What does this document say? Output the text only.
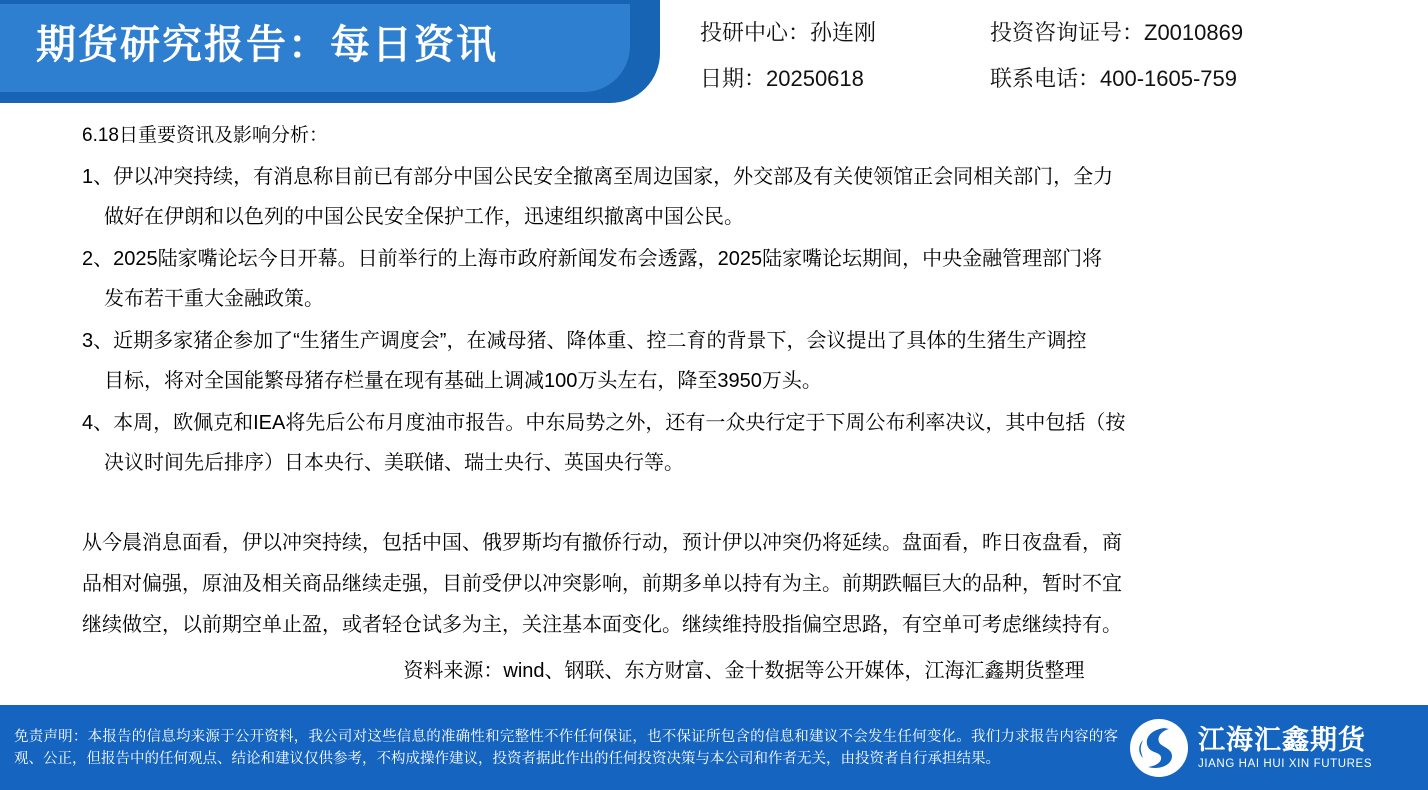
期货研究报告：每日资讯	投研中心：孙连刚	投资咨询证号：Z0010869
日期：20250618	联系电话：400-1605-759

6.18日重要资讯及影响分析：

1、伊以冲突持续，有消息称目前已有部分中国公民安全撤离至周边国家，外交部及有关使领馆正会同相关部门，全力
做好在伊朗和以色列的中国公民安全保护工作，迅速组织撤离中国公民。
2、2025陆家嘴论坛今日开幕。日前举行的上海市政府新闻发布会透露，2025陆家嘴论坛期间，中央金融管理部门将
发布若干重大金融政策。
3、近期多家猪企参加了“生猪生产调度会”，在减母猪、降体重、控二育的背景下，会议提出了具体的生猪生产调控
目标，将对全国能繁母猪存栏量在现有基础上调减100万头左右，降至3950万头。
4、本周，欧佩克和IEA将先后公布月度油市报告。中东局势之外，还有一众央行定于下周公布利率决议，其中包括（按
决议时间先后排序）日本央行、美联储、瑞士央行、英国央行等。

从今晨消息面看，伊以冲突持续，包括中国、俄罗斯均有撤侨行动，预计伊以冲突仍将延续。盘面看，昨日夜盘看，商

品相对偏强，原油及相关商品继续走强，目前受伊以冲突影响，前期多单以持有为主。前期跌幅巨大的品种，暂时不宜

继续做空，以前期空单止盈，或者轻仓试多为主，关注基本面变化。继续维持股指偏空思路，有空单可考虑继续持有。

资料来源：wind、钢联、东方财富、金十数据等公开媒体，江海汇鑫期货整理
免责声明：本报告的信息均来源于公开资料，我公司对这些信息的准确性和完整性不作任何保证，也不保证所包含的信息和建议不会发生任何变化。我们力求报告内容的客观、公正，但报告中的任何观点、结论和建议仅供参考，不构成操作建议，投资者据此作出的任何投资决策与本公司和作者无关，由投资者自行承担结果。
江海汇鑫期货
JIANG HAI HUI XIN FUTURES
